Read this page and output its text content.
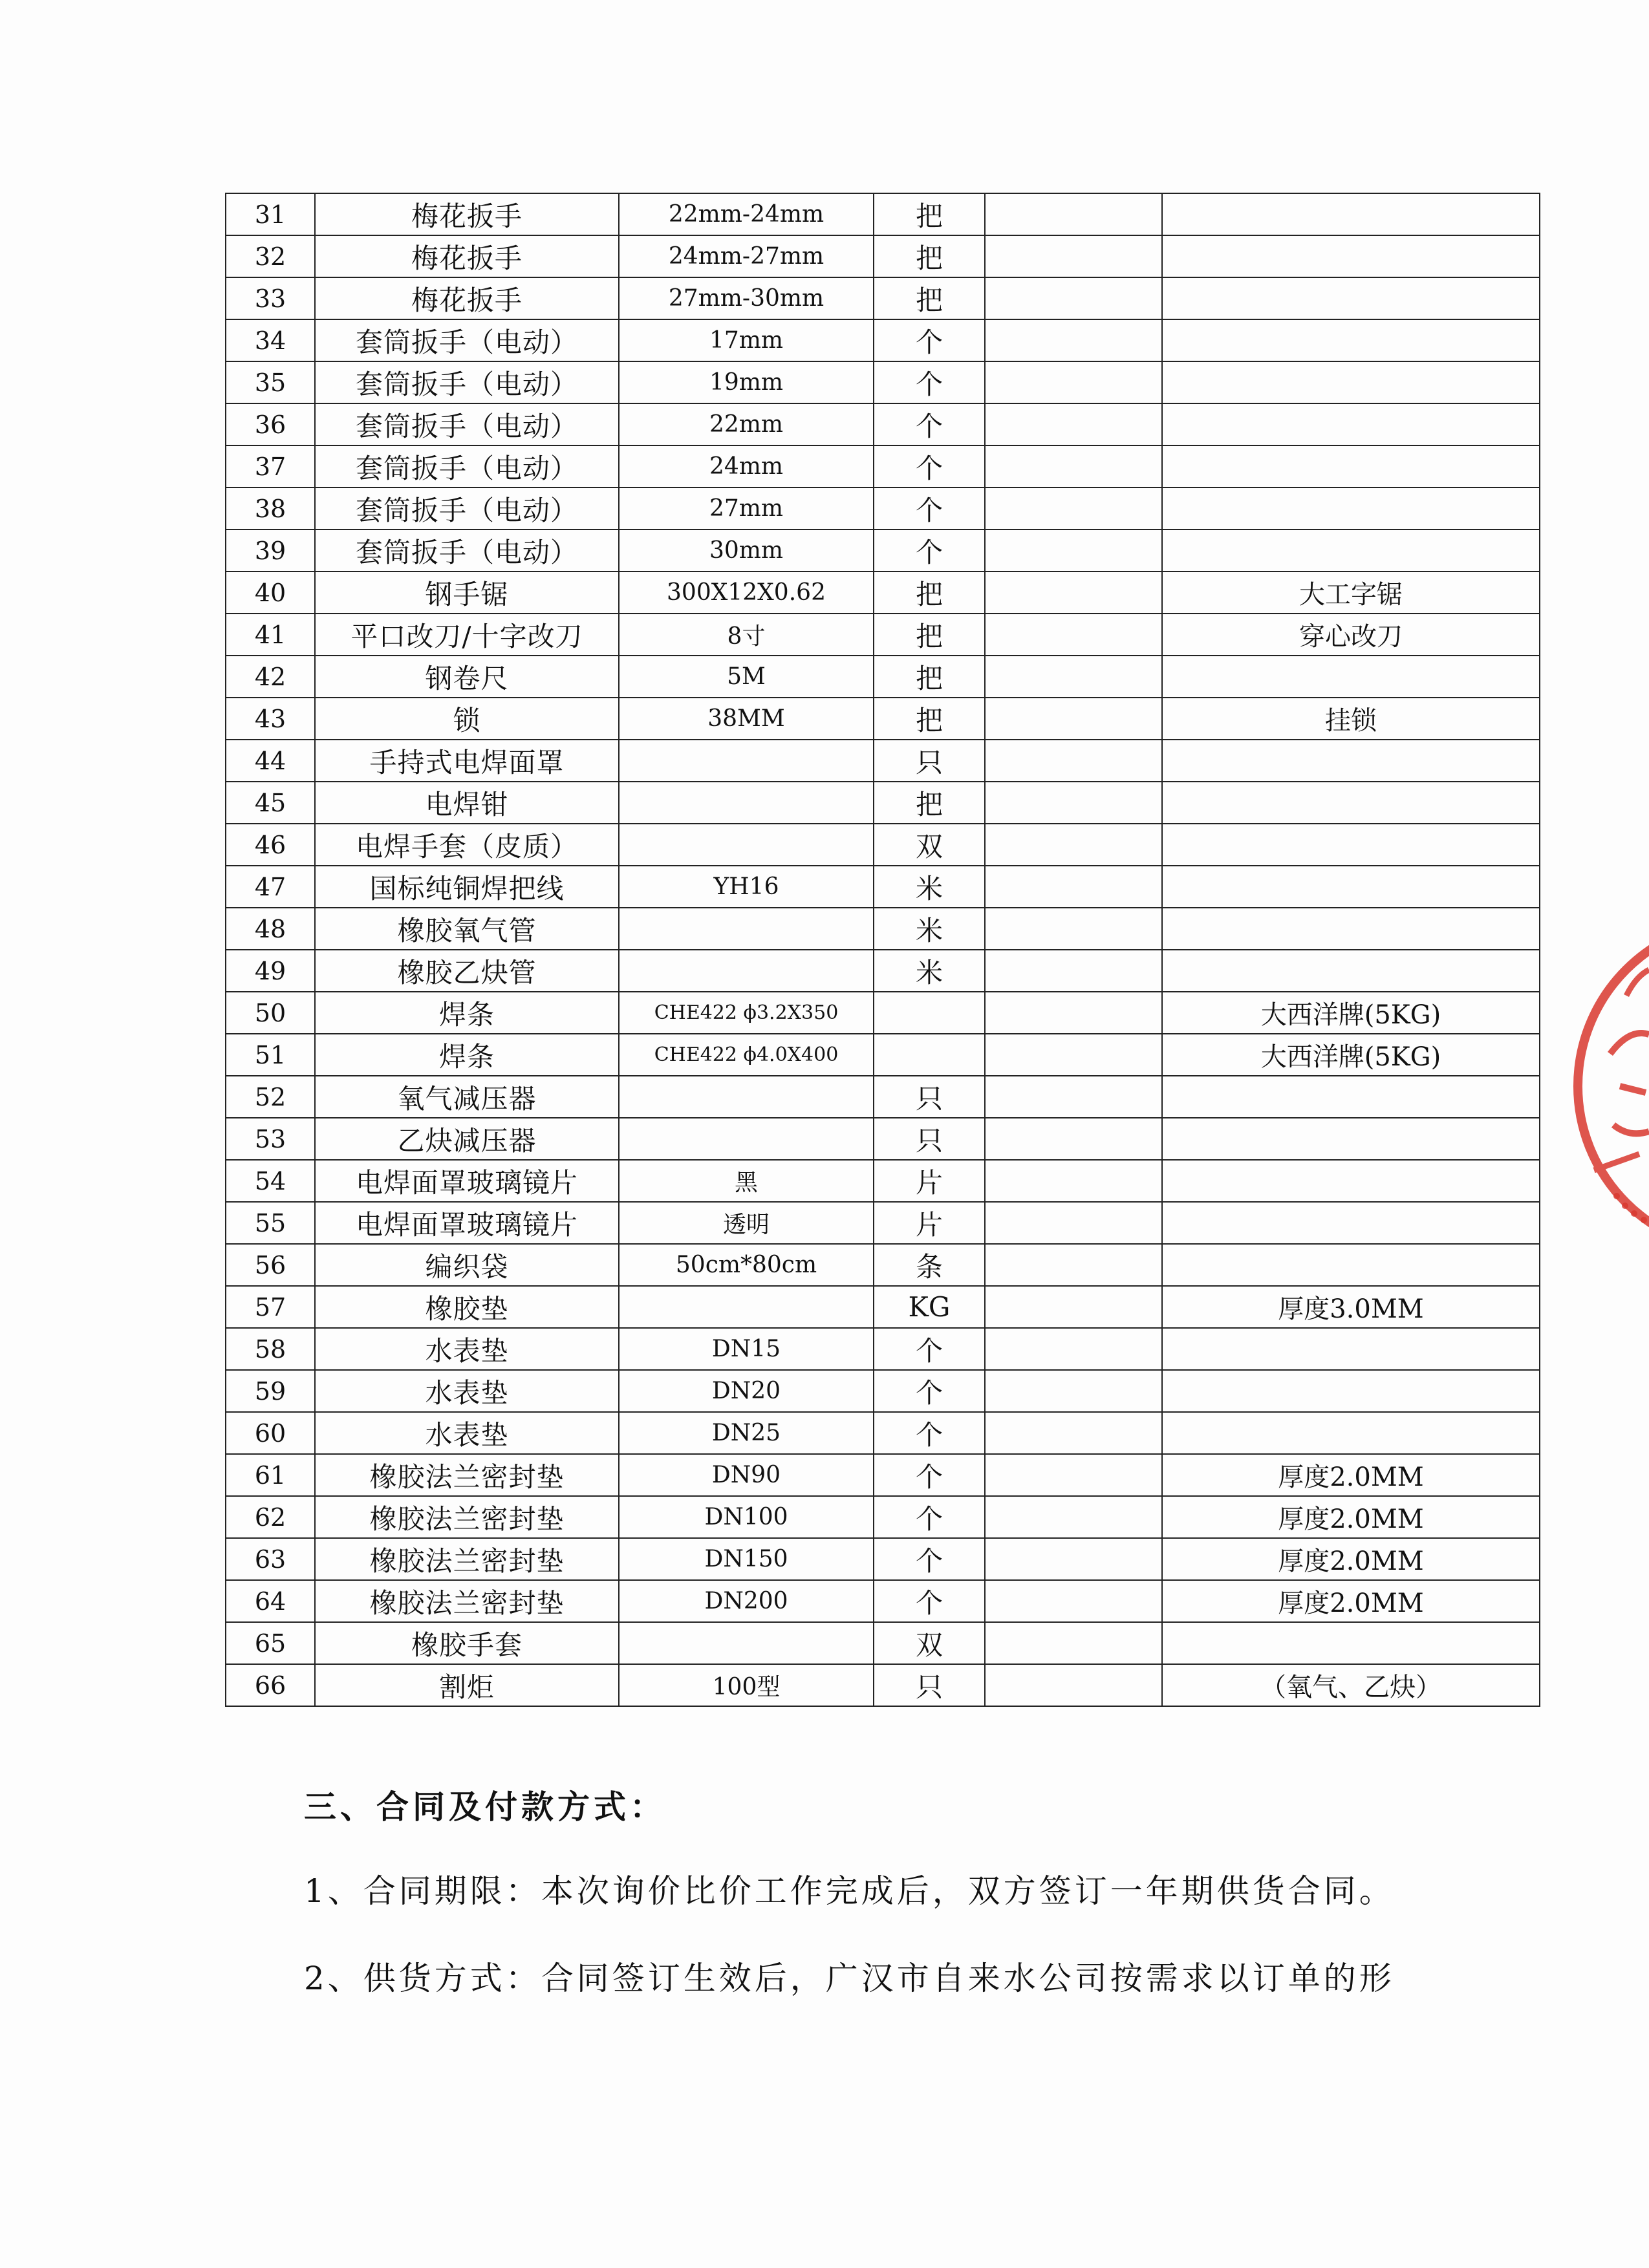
31	梅花扳手	22mm-24mm	把		
32	梅花扳手	24mm-27mm	把		
33	梅花扳手	27mm-30mm	把		
34	套筒扳手（电动）	17mm	个		
35	套筒扳手（电动）	19mm	个		
36	套筒扳手（电动）	22mm	个		
37	套筒扳手（电动）	24mm	个		
38	套筒扳手（电动）	27mm	个		
39	套筒扳手（电动）	30mm	个		
40	钢手锯	300X12X0.62	把		大工字锯
41	平口改刀/十字改刀	8寸	把		穿心改刀
42	钢卷尺	5M	把		
43	锁	38MM	把		挂锁
44	手持式电焊面罩		只		
45	电焊钳		把		
46	电焊手套（皮质）		双		
47	国标纯铜焊把线	YH16	米		
48	橡胶氧气管		米		
49	橡胶乙炔管		米		
50	焊条	CHE422 ϕ3.2X350			大西洋牌(5KG)
51	焊条	CHE422 ϕ4.0X400			大西洋牌(5KG)
52	氧气减压器		只		
53	乙炔减压器		只		
54	电焊面罩玻璃镜片	黑	片		
55	电焊面罩玻璃镜片	透明	片		
56	编织袋	50cm*80cm	条		
57	橡胶垫		KG		厚度3.0MM
58	水表垫	DN15	个		
59	水表垫	DN20	个		
60	水表垫	DN25	个		
61	橡胶法兰密封垫	DN90	个		厚度2.0MM
62	橡胶法兰密封垫	DN100	个		厚度2.0MM
63	橡胶法兰密封垫	DN150	个		厚度2.0MM
64	橡胶法兰密封垫	DN200	个		厚度2.0MM
65	橡胶手套		双		
66	割炬	100型	只		（氧气、乙炔）
三、合同及付款方式：
1、合同期限：本次询价比价工作完成后，双方签订一年期供货合同。
2、供货方式：合同签订生效后，广汉市自来水公司按需求以订单的形
